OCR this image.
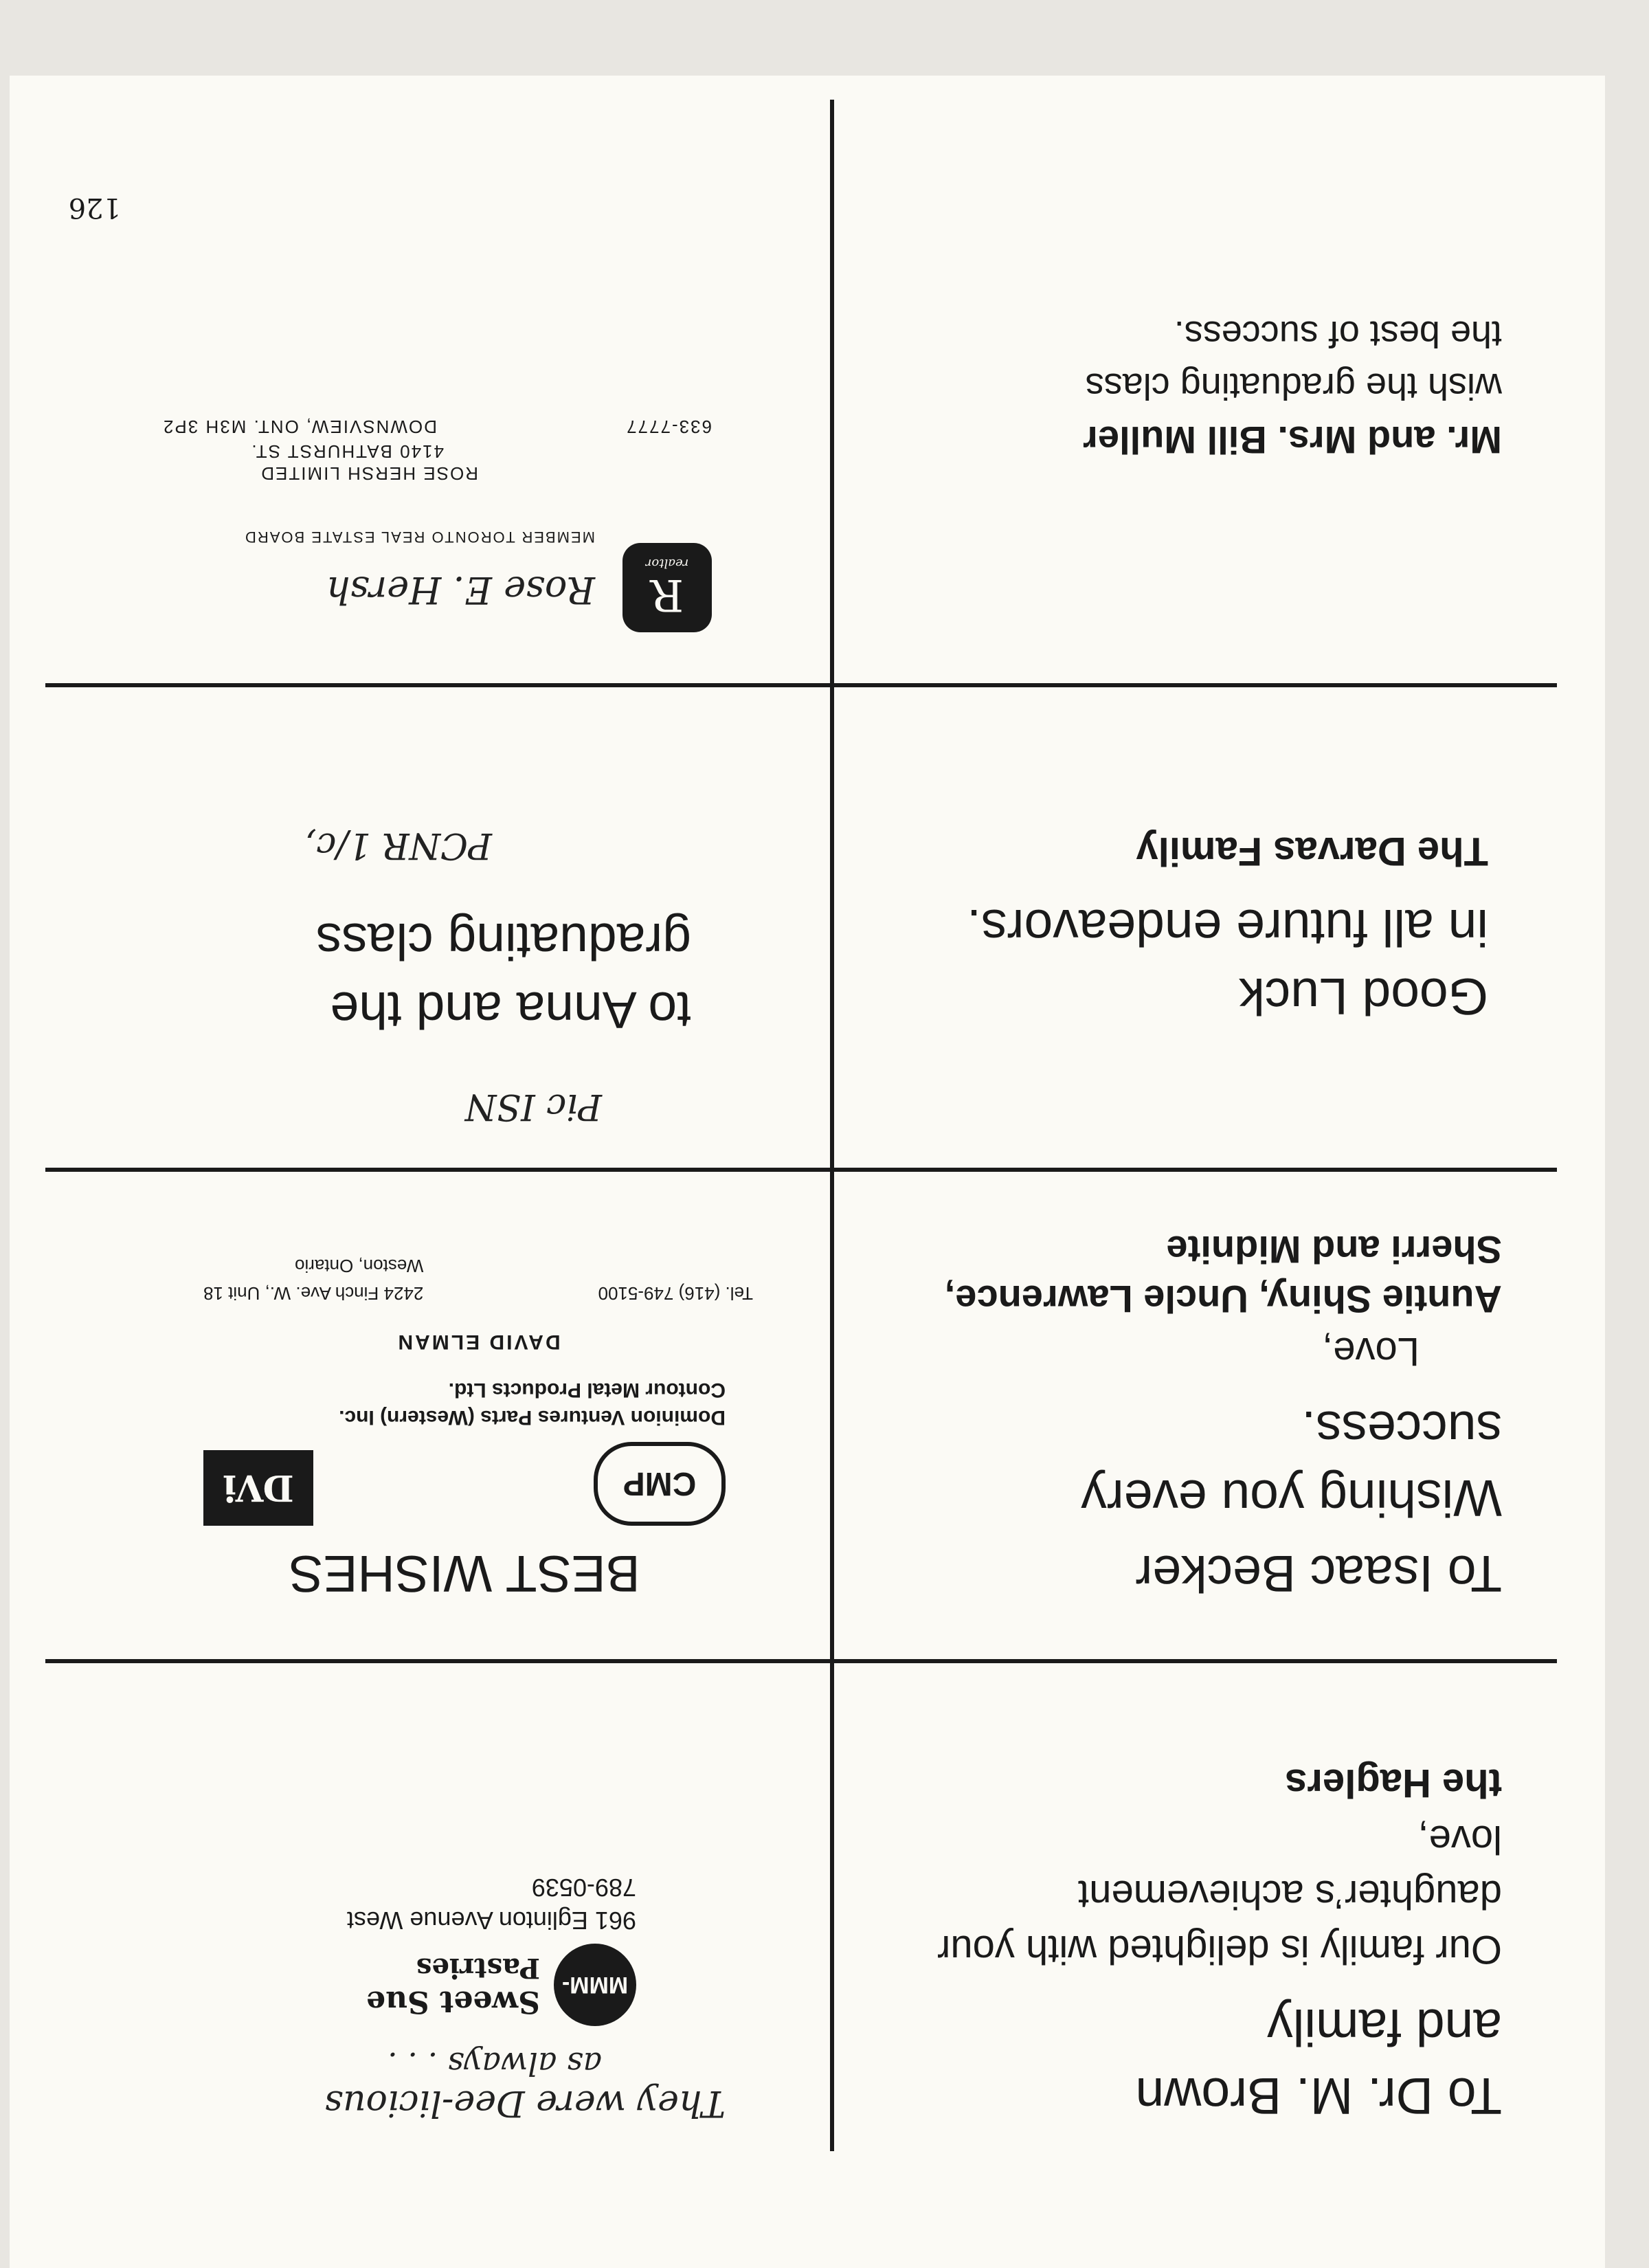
To Dr. M. Brown and family

Our family is delighted with your daughter’s achievement

love,

the Haglers

They were Dee-licious

as always . . .

MMM-

Sweet Sue

Pastries

961 Eglinton Avenue West

789-0539

To Isaac Becker

Wishing you every success.

Love,

Auntie Shiny, Uncle Lawrence, Sherri and Midnite

BEST WISHES

CMP
DVi

Dominion Ventures Parts (Western) Inc.

Contour Metal Products Ltd.

DAVID ELMAN

Tel. (416) 749-5100

2424 Finch Ave. W., Unit 18

Weston, Ontario

Good Luck

in all future endeavors.

The Darvas Family

Pic ISN

to Anna and the

graduating class

PCNR 1/c,

Mr. and Mrs. Bill Muller

wish the graduating class

the best of success.

R
realtor

Rose E. Hersh

MEMBER TORONTO REAL ESTATE BOARD

ROSE HERSH LIMITED

4140 BATHURST ST.

633-7777

DOWNSVIEW, ONT. M3H 3P2

126
